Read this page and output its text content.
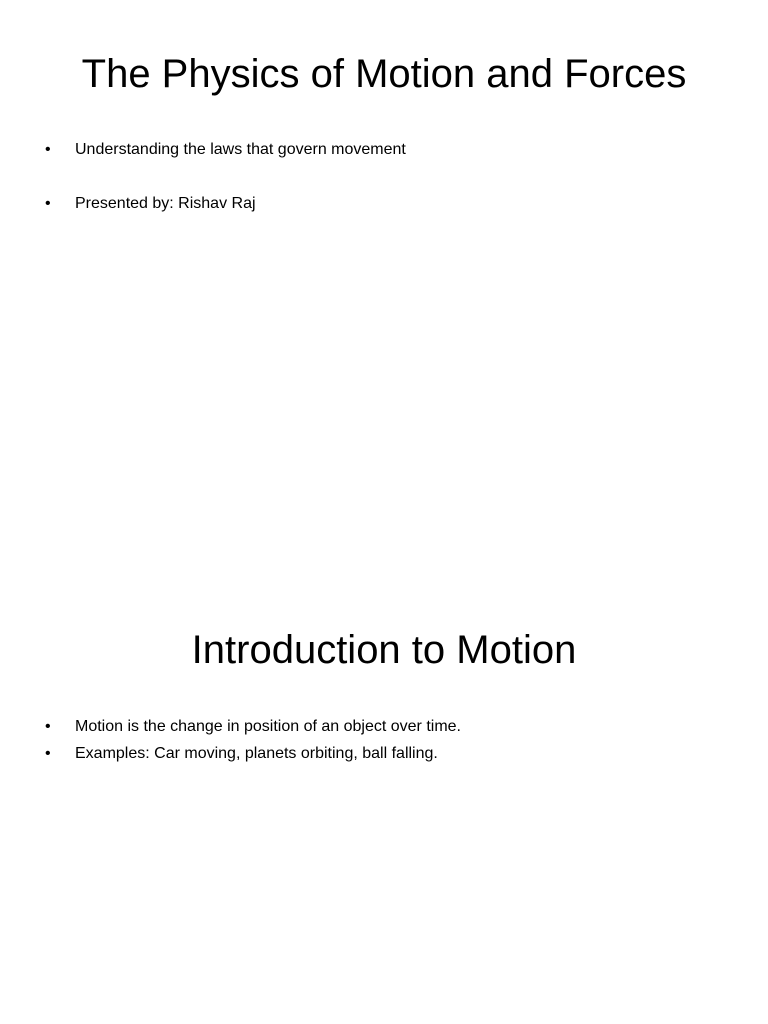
The Physics of Motion and Forces
• Understanding the laws that govern movement
• Presented by: Rishav Raj
Introduction to Motion
• Motion is the change in position of an object over time.
• Examples: Car moving, planets orbiting, ball falling.
